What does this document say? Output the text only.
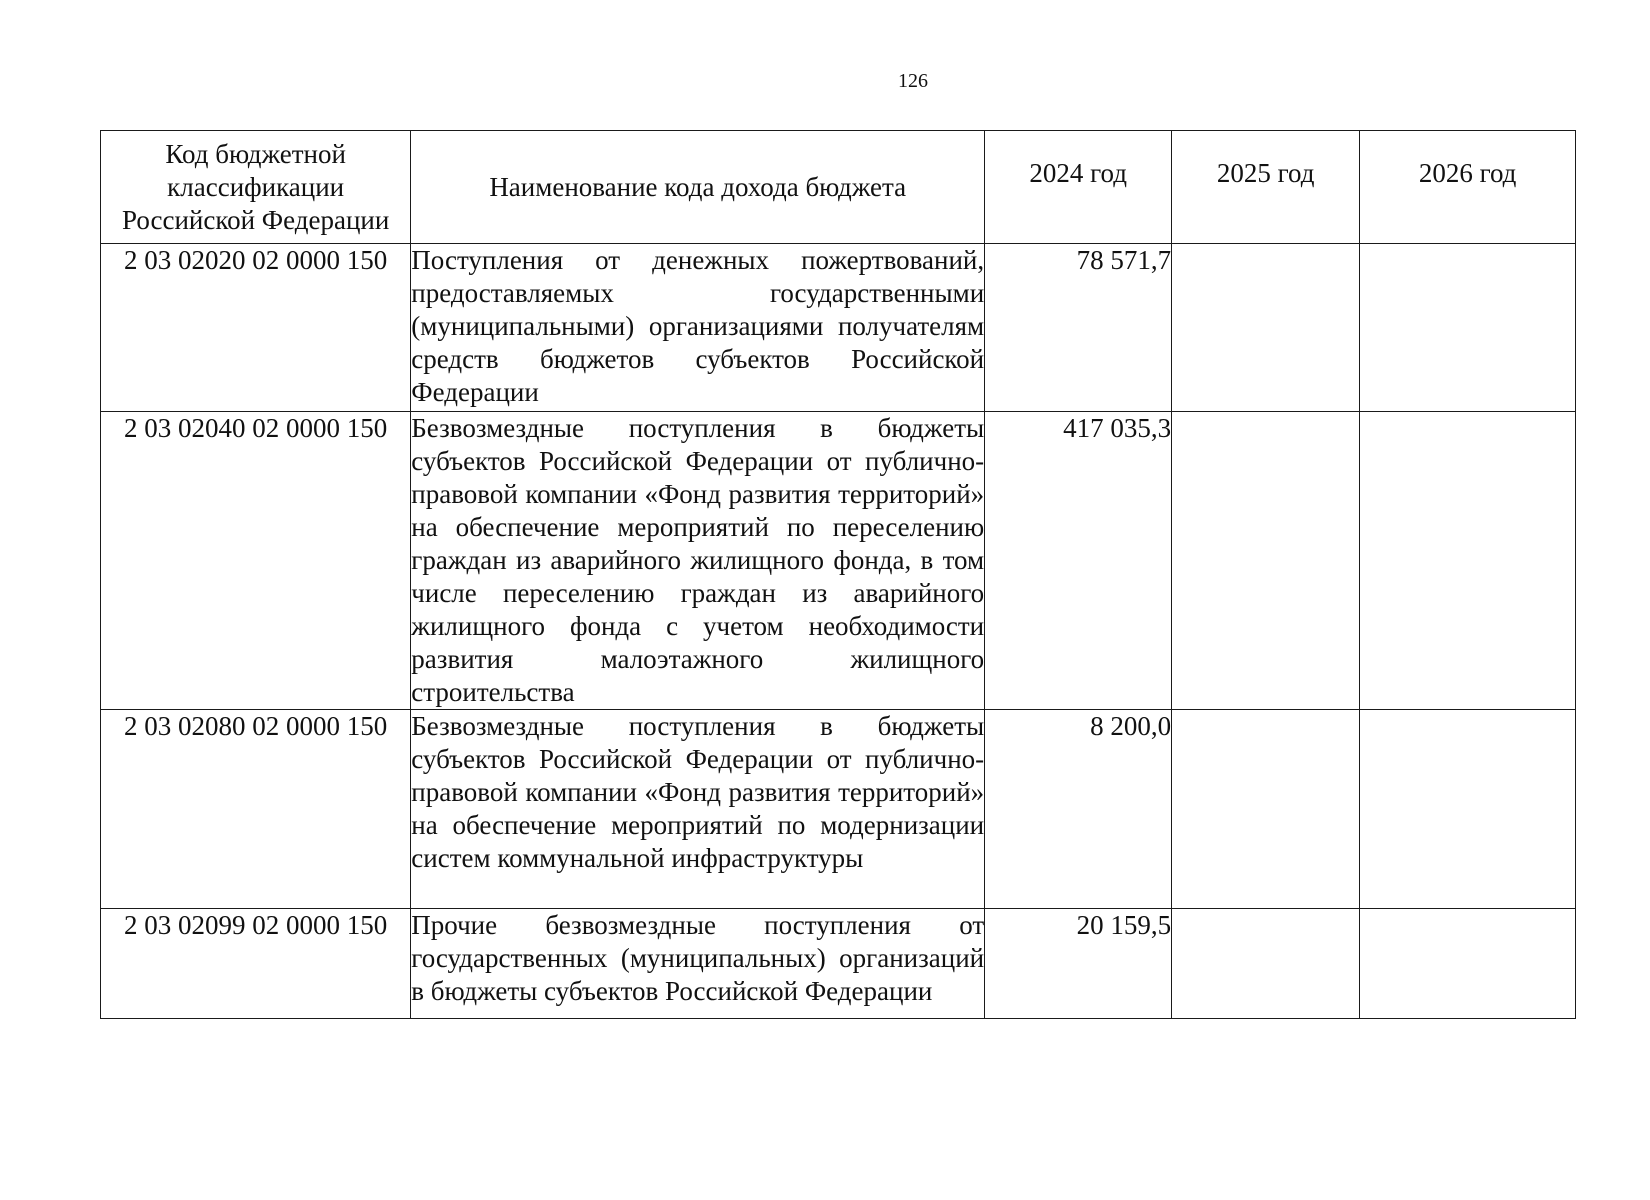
126
Код бюджетной классификации Российской Федерации	Наименование кода дохода бюджета	2024 год	2025 год	2026 год
2 03 02020 02 0000 150	Поступления от денежных пожертвований, предоставляемых государственными (муниципальными) организациями получателям средств бюджетов субъектов Российской Федерации	78 571,7		
2 03 02040 02 0000 150	Безвозмездные поступления в бюджеты субъектов Российской Федерации от публично-правовой компании «Фонд развития территорий» на обеспечение мероприятий по переселению граждан из аварийного жилищного фонда, в том числе переселению граждан из аварийного жилищного фонда с учетом необходимости развития малоэтажного жилищного строительства	417 035,3		
2 03 02080 02 0000 150	Безвозмездные поступления в бюджеты субъектов Российской Федерации от публично-правовой компании «Фонд развития территорий» на обеспечение мероприятий по модернизации систем коммунальной инфраструктуры	8 200,0		
2 03 02099 02 0000 150	Прочие безвозмездные поступления от государственных (муниципальных) организаций в бюджеты субъектов Российской Федерации	20 159,5		
